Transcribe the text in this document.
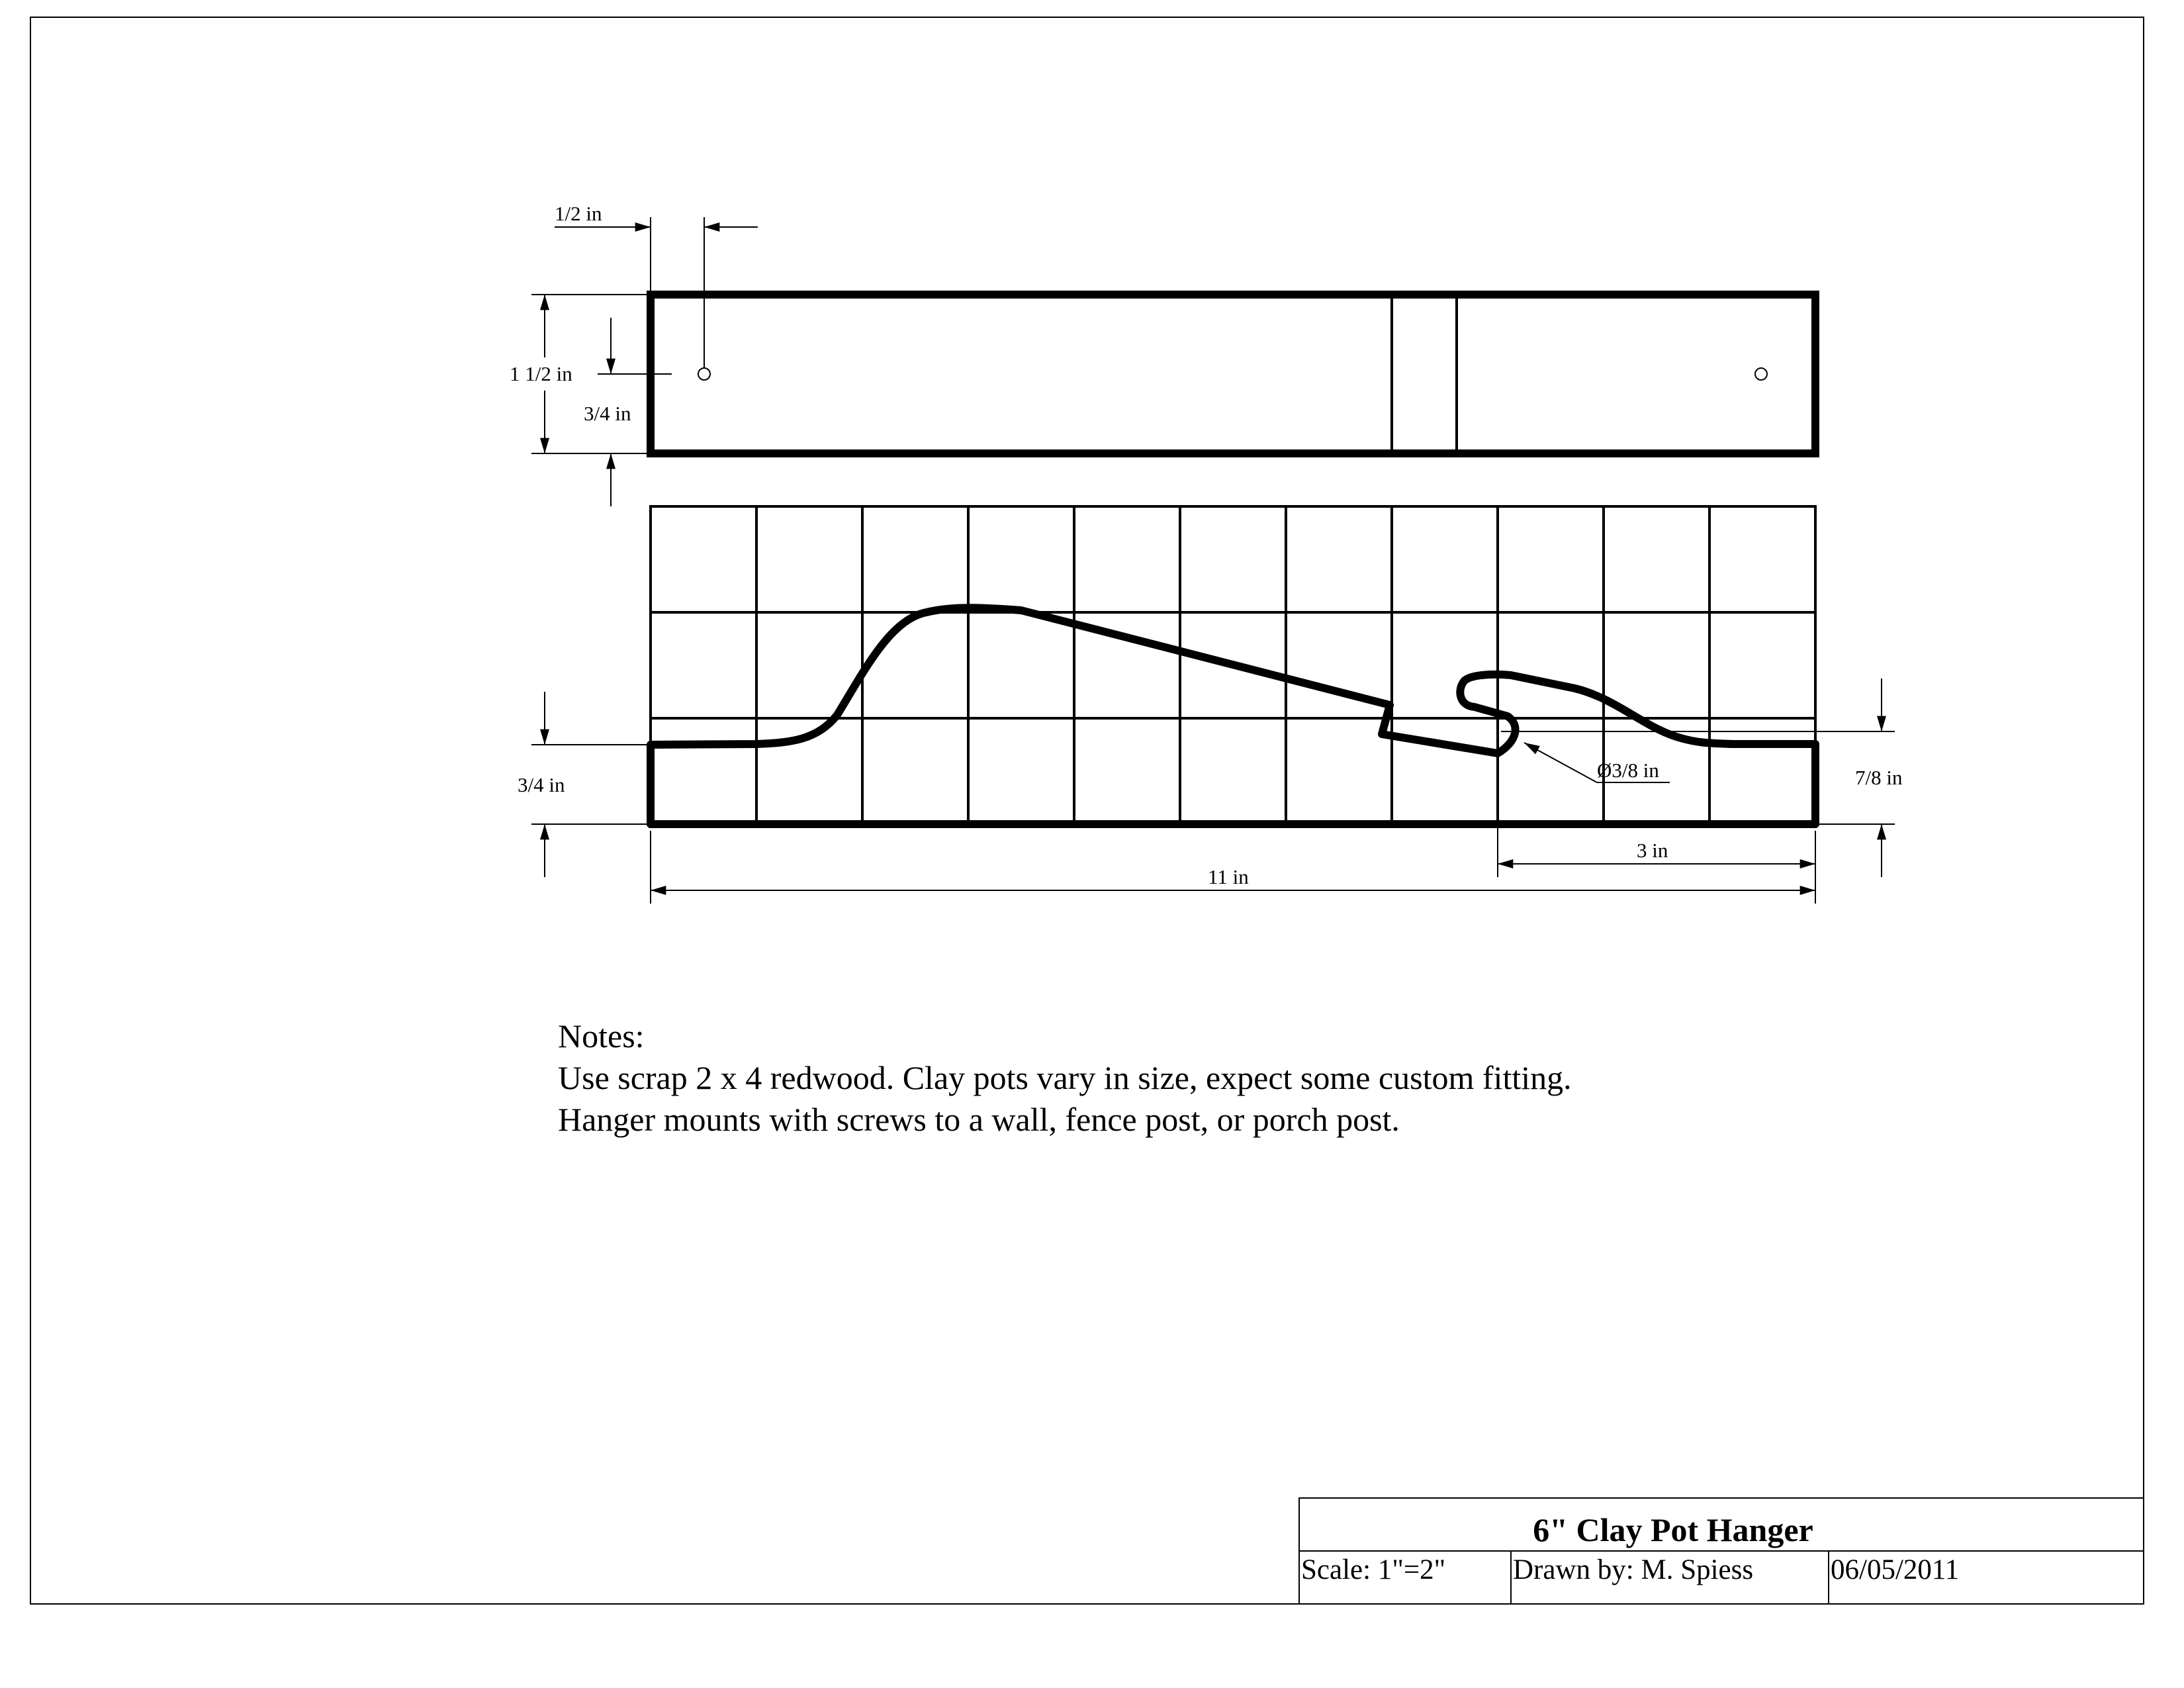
1/2 in
1 1/2 in
3/4 in
3/4 in	7/8 in
Ø3/8 in
3 in
11 in
Notes:
Use scrap 2 x 4 redwood. Clay pots vary in size, expect some custom fitting.
Hanger mounts with screws to a wall, fence post, or porch post.
6" Clay Pot Hanger
Scale: 1"=2" Drawn by: M. Spiess	06/05/2011
